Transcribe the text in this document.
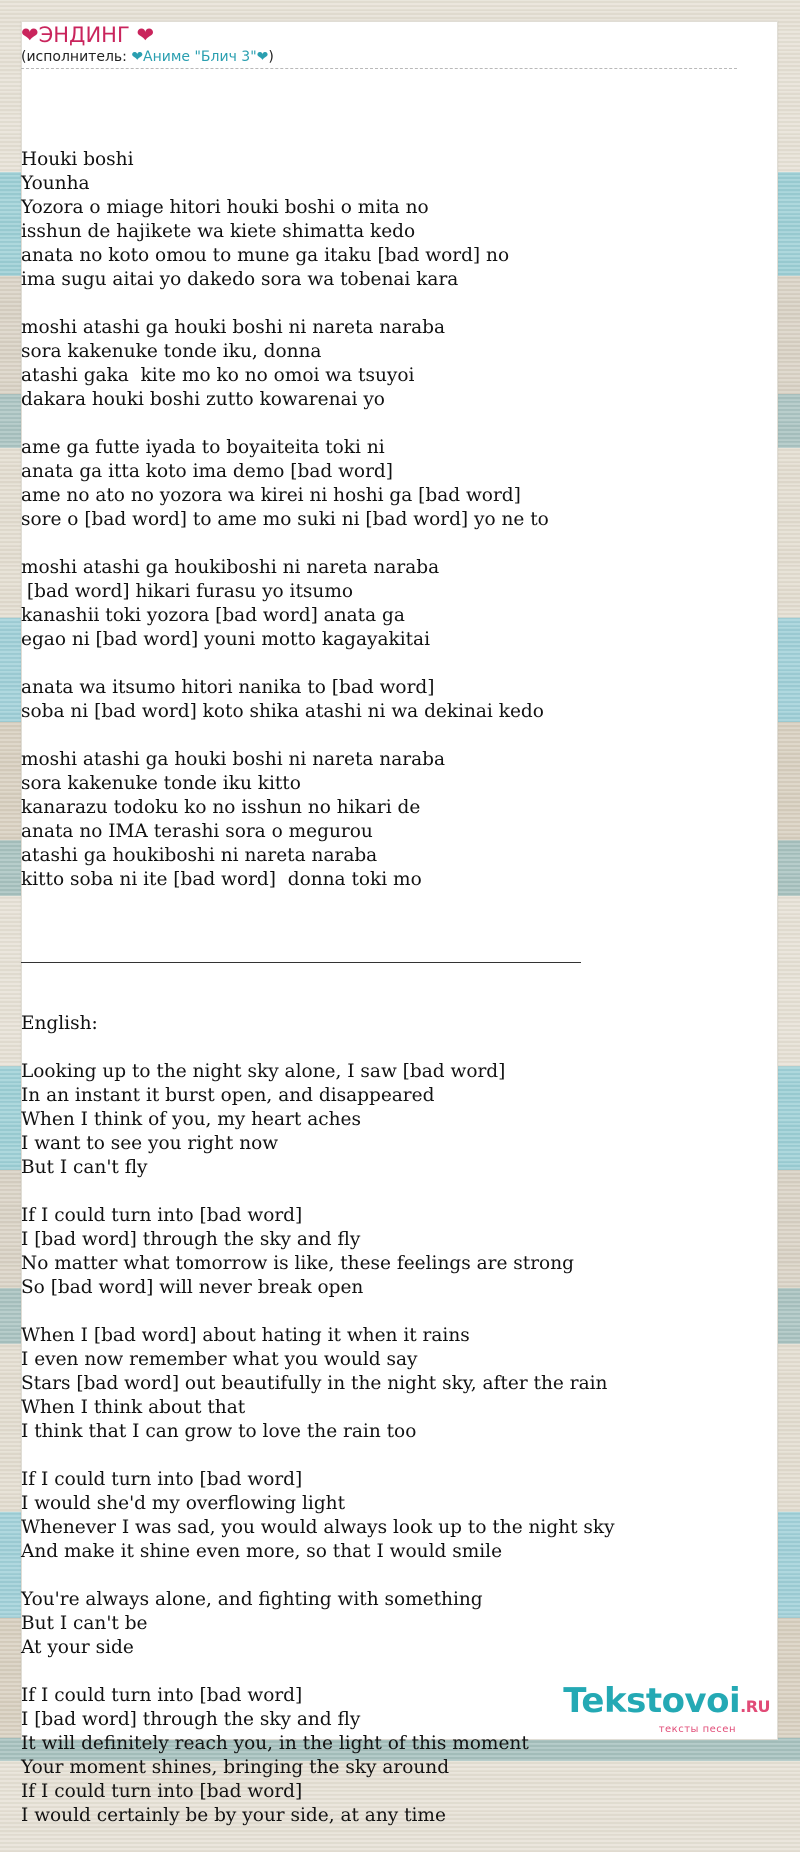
❤ЭНДИНГ ❤
(исполнитель: ❤Аниме "Блич 3"❤)

Houki boshi
Younha
Yozora o miage hitori houki boshi o mita no
isshun de hajikete wa kiete shimatta kedo
anata no koto omou to mune ga itaku [bad word] no
ima sugu aitai yo dakedo sora wa tobenai kara
moshi atashi ga houki boshi ni nareta naraba
sora kakenuke tonde iku, donna
atashi gaka  kite mo ko no omoi wa tsuyoi
dakara houki boshi zutto kowarenai yo
ame ga futte iyada to boyaiteita toki ni
anata ga itta koto ima demo [bad word]
ame no ato no yozora wa kirei ni hoshi ga [bad word]
sore o [bad word] to ame mo suki ni [bad word] yo ne to
moshi atashi ga houkiboshi ni nareta naraba
[bad word] hikari furasu yo itsumo
kanashii toki yozora [bad word] anata ga
egao ni [bad word] youni motto kagayakitai
anata wa itsumo hitori nanika to [bad word]
soba ni [bad word] koto shika atashi ni wa dekinai kedo
moshi atashi ga houki boshi ni nareta naraba
sora kakenuke tonde iku kitto
kanarazu todoku ko no isshun no hikari de
anata no IMA terashi sora o megurou
atashi ga houkiboshi ni nareta naraba
kitto soba ni ite [bad word]  donna toki mo

English:
Looking up to the night sky alone, I saw [bad word]
In an instant it burst open, and disappeared
When I think of you, my heart aches
I want to see you right now
But I can't fly
If I could turn into [bad word]
I [bad word] through the sky and fly
No matter what tomorrow is like, these feelings are strong
So [bad word] will never break open
When I [bad word] about hating it when it rains
I even now remember what you would say
Stars [bad word] out beautifully in the night sky, after the rain
When I think about that
I think that I can grow to love the rain too
If I could turn into [bad word]
I would she'd my overflowing light
Whenever I was sad, you would always look up to the night sky
And make it shine even more, so that I would smile
You're always alone, and fighting with something
But I can't be
At your side
If I could turn into [bad word]
I [bad word] through the sky and fly
It will definitely reach you, in the light of this moment
Your moment shines, bringing the sky around
If I could turn into [bad word]
I would certainly be by your side, at any time

Tekstovoi.RU
тексты песен
